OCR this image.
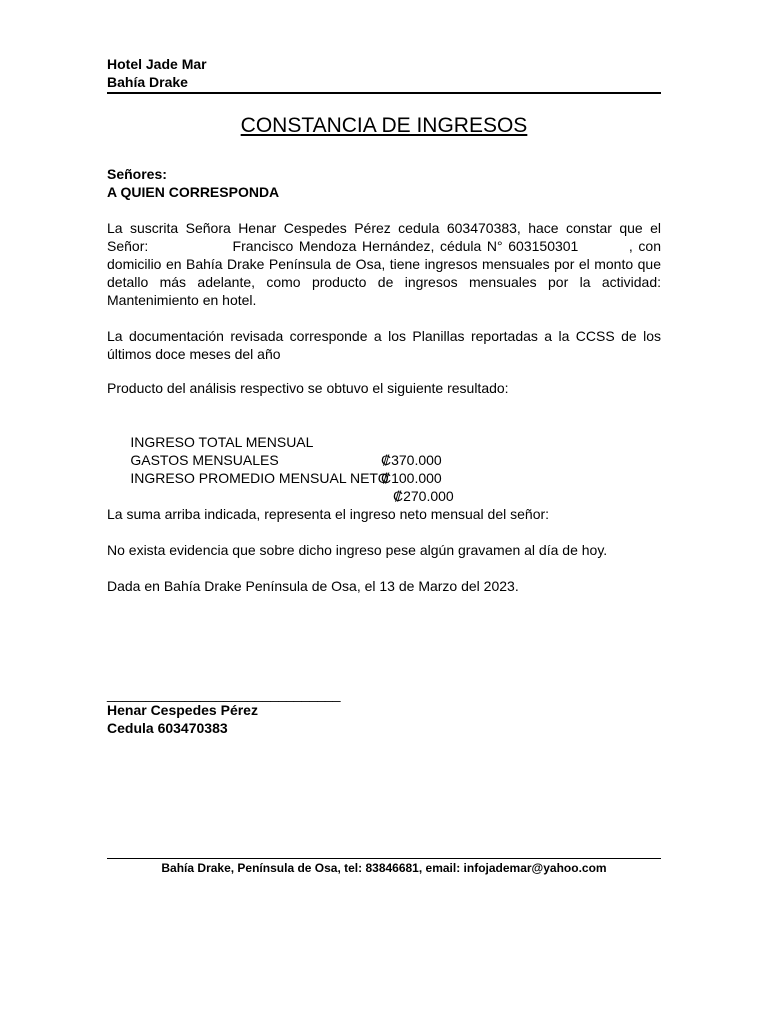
Hotel Jade Mar
Bahía Drake
CONSTANCIA DE INGRESOS
Señores:
A QUIEN CORRESPONDA
La suscrita Señora Henar Cespedes Pérez cedula 603470383, hace constar que el
Señor:               Francisco Mendoza Hernández, cédula N° 603150301         , con domicilio en Bahía Drake Península de Osa, tiene ingresos mensuales por el monto que detallo más adelante, como producto de ingresos mensuales por la actividad:  Mantenimiento en hotel.
La documentación revisada corresponde a los Planillas reportadas a la CCSS de los últimos doce meses del año
Producto del análisis respectivo se obtuvo el siguiente resultado:

INGRESO TOTAL MENSUAL

₡370.000

GASTOS MENSUALES

₡100.000

INGRESO PROMEDIO MENSUAL NETO

₡270.000

La suma arriba indicada, representa el ingreso neto mensual del señor:
No exista evidencia que sobre dicho ingreso pese algún gravamen al día de hoy.
Dada en Bahía Drake Península de Osa, el 13 de Marzo del 2023.
______________________________
Henar Cespedes Pérez
Cedula 603470383
Bahía Drake, Península de Osa, tel: 83846681, email: infojademar@yahoo.com
